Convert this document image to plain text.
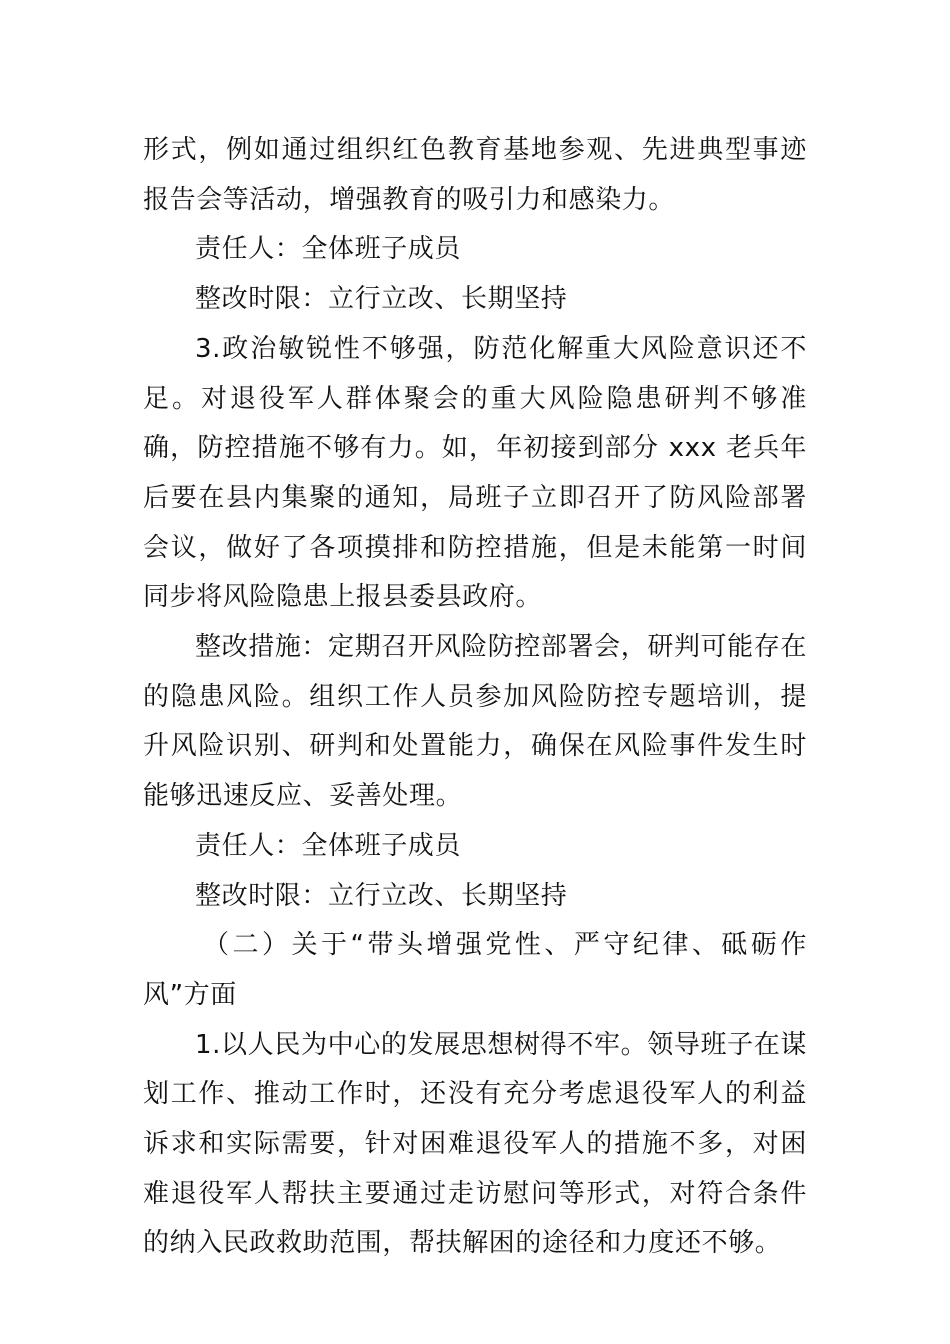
形式，例如通过组织红色教育基地参观、先进典型事迹报告会等活动，增强教育的吸引力和感染力。

责任人：全体班子成员

整改时限：立行立改、长期坚持

3.政治敏锐性不够强，防范化解重大风险意识还不足。对退役军人群体聚会的重大风险隐患研判不够准确，防控措施不够有力。如，年初接到部分 xxx 老兵年后要在县内集聚的通知，局班子立即召开了防风险部署会议，做好了各项摸排和防控措施，但是未能第一时间同步将风险隐患上报县委县政府。

整改措施：定期召开风险防控部署会，研判可能存在的隐患风险。组织工作人员参加风险防控专题培训，提升风险识别、研判和处置能力，确保在风险事件发生时能够迅速反应、妥善处理。

责任人：全体班子成员

整改时限：立行立改、长期坚持

（二）关于“带头增强党性、严守纪律、砥砺作风”方面

1.以人民为中心的发展思想树得不牢。领导班子在谋划工作、推动工作时，还没有充分考虑退役军人的利益诉求和实际需要，针对困难退役军人的措施不多，对困难退役军人帮扶主要通过走访慰问等形式，对符合条件的纳入民政救助范围，帮扶解困的途径和力度还不够。
